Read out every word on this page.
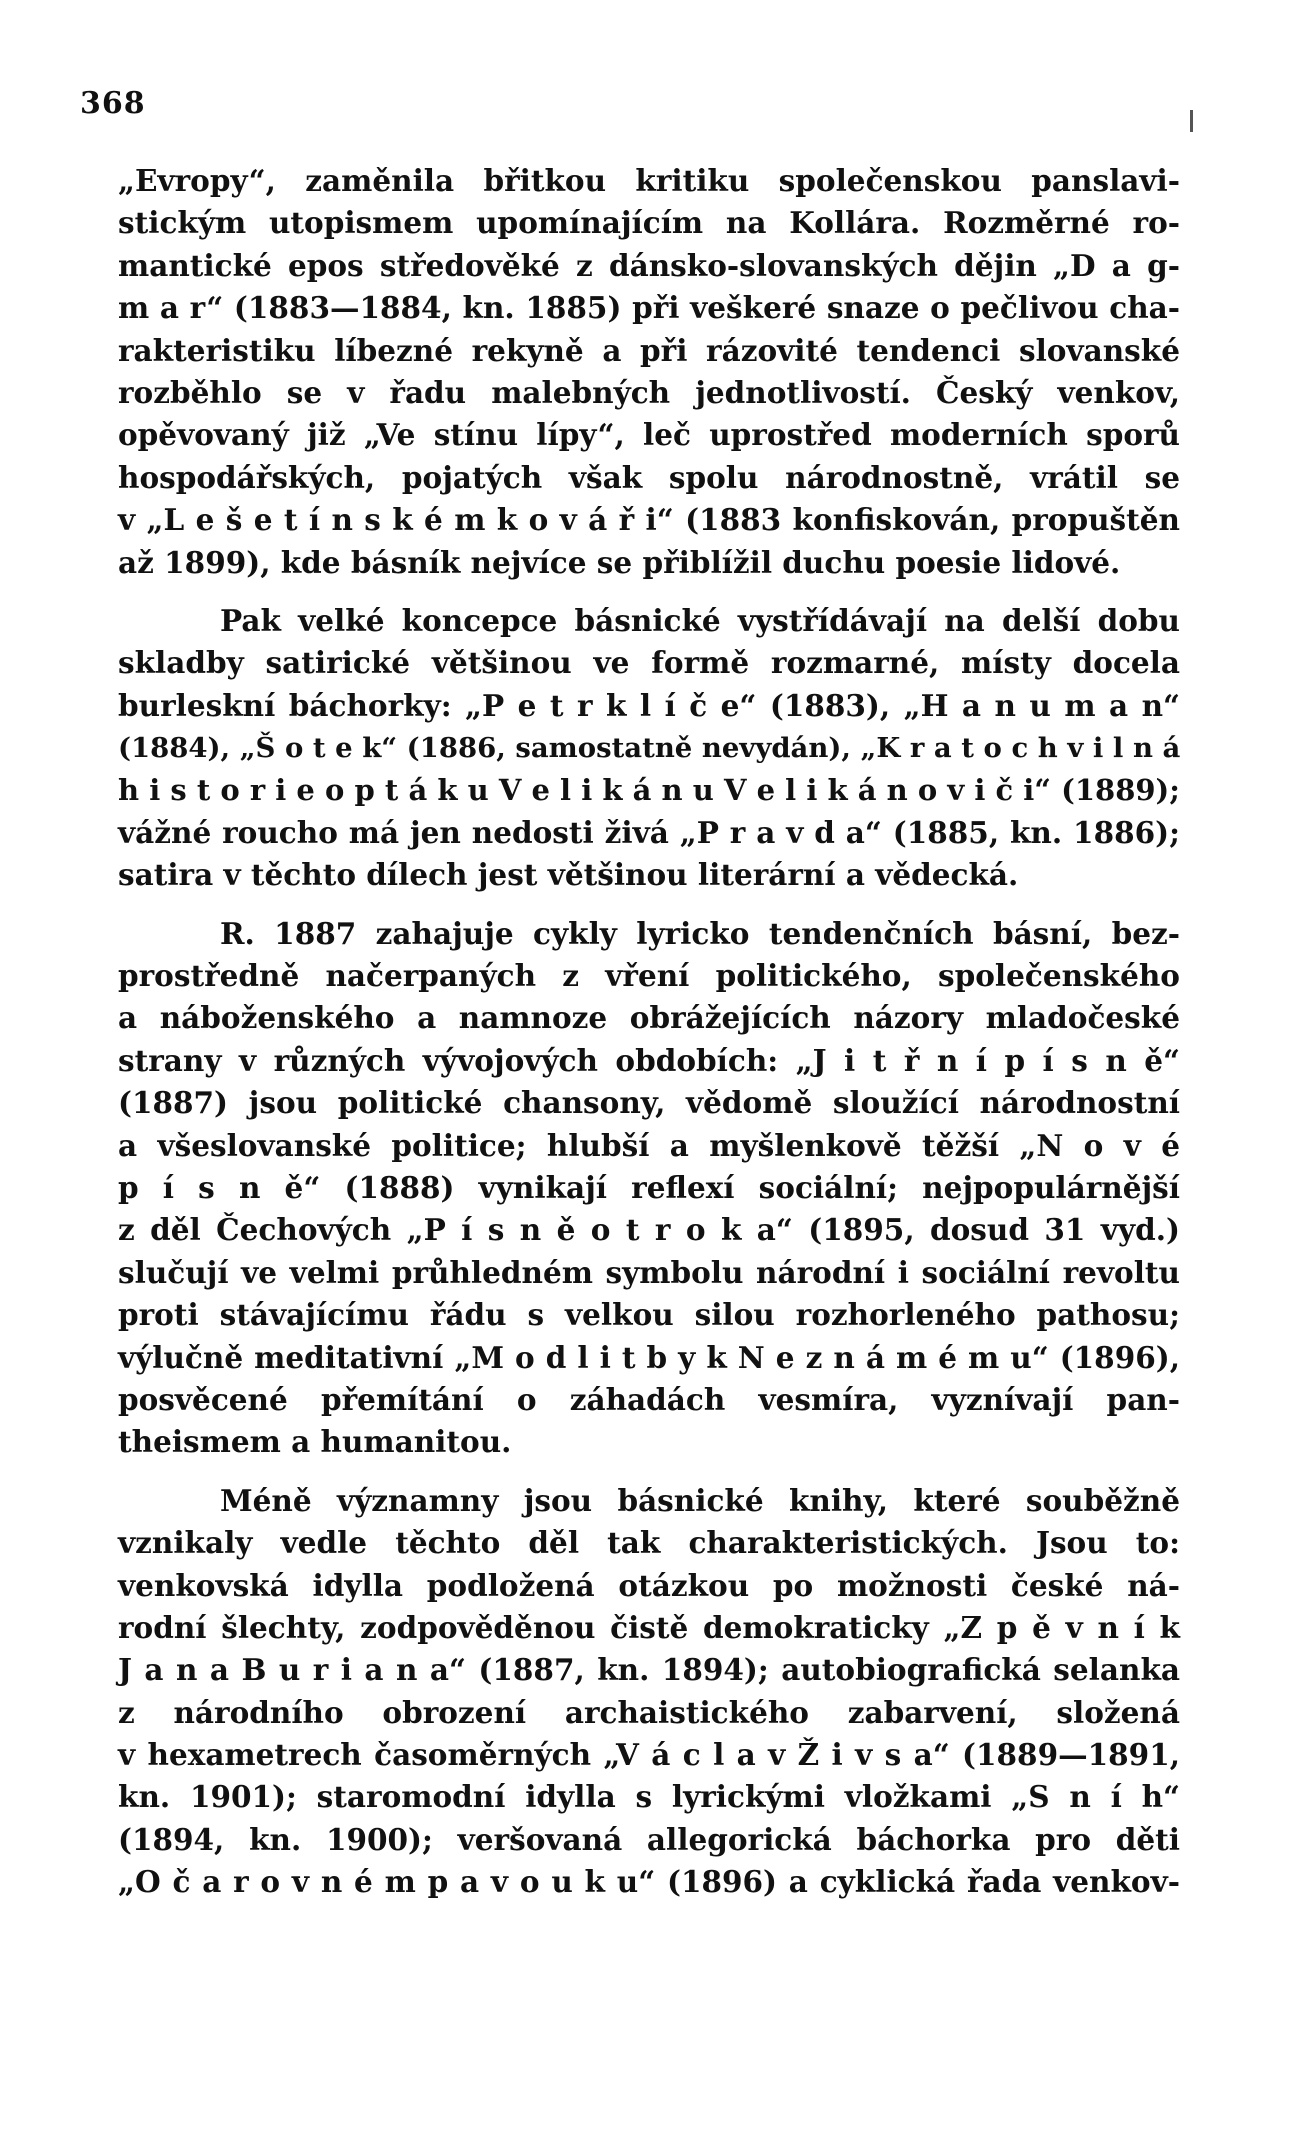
368

„Evropy“, zaměnila břitkou kritiku společenskou panslavi-
stickým utopismem upomínajícím na Kollára. Rozměrné ro-
mantické epos středověké z dánsko-slovanských dějin „D a g-
m a r“ (1883—1884, kn. 1885) při veškeré snaze o pečlivou cha-
rakteristiku líbezné rekyně a při rázovité tendenci slovanské
rozběhlo se v řadu malebných jednotlivostí. Český venkov,
opěvovaný již „Ve stínu lípy“, leč uprostřed moderních sporů
hospodářských, pojatých však spolu národnostně, vrátil se
v „L e š e t í n s k é m k o v á ř i“ (1883 konfiskován, propuštěn
až 1899), kde básník nejvíce se přiblížil duchu poesie lidové.

Pak velké koncepce básnické vystřídávají na delší dobu
skladby satirické většinou ve formě rozmarné, místy docela
burleskní báchorky: „P e t r k l í č e“ (1883), „H a n u m a n“
(1884), „Š o t e k“ (1886, samostatně nevydán), „K r a t o c h v i l n á
h i s t o r i e o p t á k u V e l i k á n u V e l i k á n o v i č i“ (1889);
vážné roucho má jen nedosti živá „P r a v d a“ (1885, kn. 1886);
satira v těchto dílech jest většinou literární a vědecká.

R. 1887 zahajuje cykly lyricko tendenčních básní, bez-
prostředně načerpaných z vření politického, společenského
a náboženského a namnoze obrážejících názory mladočeské
strany v různých vývojových obdobích: „J i t ř n í p í s n ě“
(1887) jsou politické chansony, vědomě sloužící národnostní
a všeslovanské politice; hlubší a myšlenkově těžší „N o v é
p í s n ě“ (1888) vynikají reflexí sociální; nejpopulárnější
z děl Čechových „P í s n ě o t r o k a“ (1895, dosud 31 vyd.)
slučují ve velmi průhledném symbolu národní i sociální revoltu
proti stávajícímu řádu s velkou silou rozhorleného pathosu;
výlučně meditativní „M o d l i t b y k N e z n á m é m u“ (1896),
posvěcené přemítání o záhadách vesmíra, vyznívají pan-
theismem a humanitou.

Méně významny jsou básnické knihy, které souběžně
vznikaly vedle těchto děl tak charakteristických. Jsou to:
venkovská idylla podložená otázkou po možnosti české ná-
rodní šlechty, zodpověděnou čistě demokraticky „Z p ě v n í k
J a n a B u r i a n a“ (1887, kn. 1894); autobiografická selanka
z národního obrození archaistického zabarvení, složená
v hexametrech časoměrných „V á c l a v Ž i v s a“ (1889—1891,
kn. 1901); staromodní idylla s lyrickými vložkami „S n í h“
(1894, kn. 1900); veršovaná allegorická báchorka pro děti
„O č a r o v n é m p a v o u k u“ (1896) a cyklická řada venkov-
